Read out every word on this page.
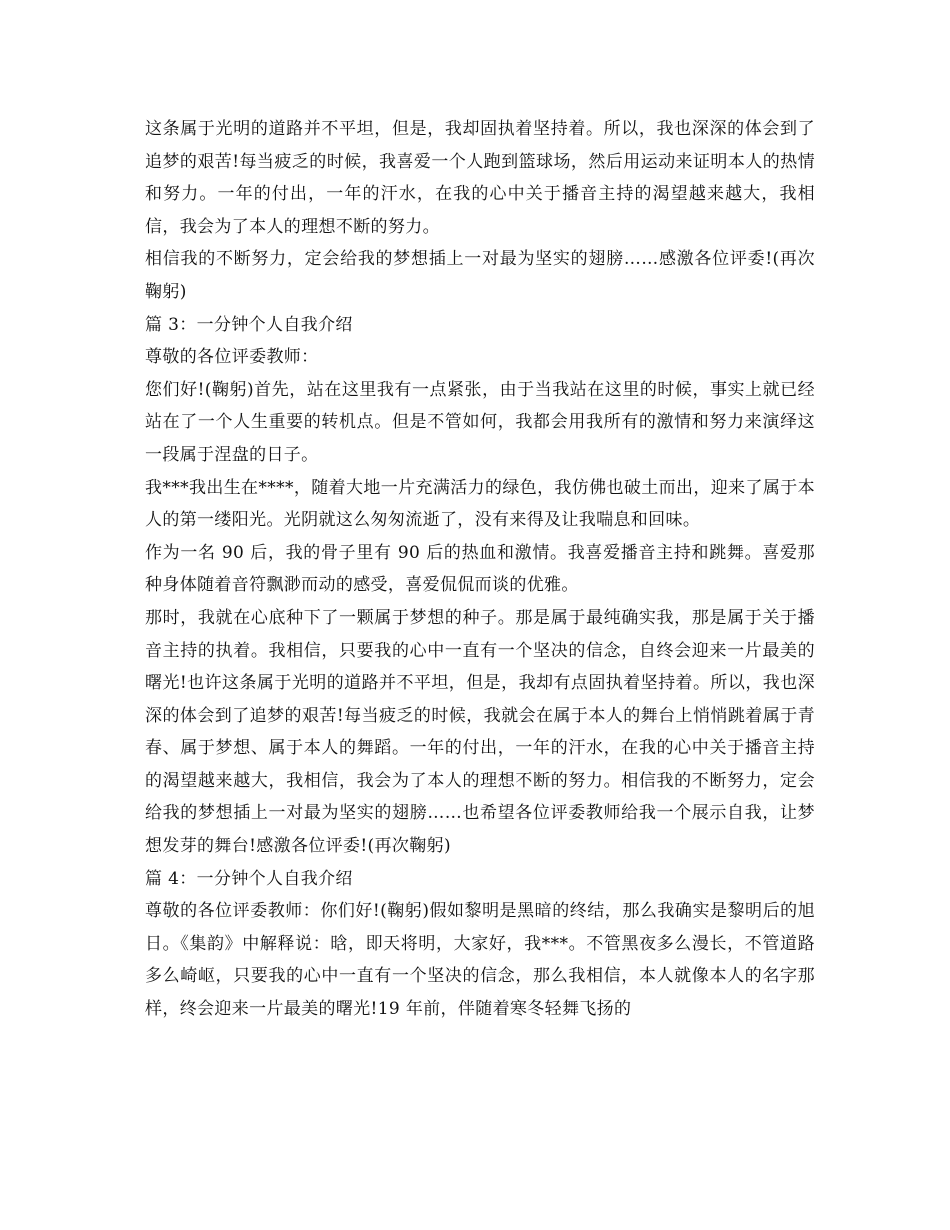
这条属于光明的道路并不平坦，但是，我却固执着坚持着。所以，我也深深的体会到了追梦的艰苦!每当疲乏的时候，我喜爱一个人跑到篮球场，然后用运动来证明本人的热情和努力。一年的付出，一年的汗水，在我的心中关于播音主持的渴望越来越大，我相信，我会为了本人的理想不断的努力。

相信我的不断努力，定会给我的梦想插上一对最为坚实的翅膀……感激各位评委!(再次鞠躬)

篇 3：一分钟个人自我介绍

尊敬的各位评委教师：

您们好!(鞠躬)首先，站在这里我有一点紧张，由于当我站在这里的时候，事实上就已经站在了一个人生重要的转机点。但是不管如何，我都会用我所有的激情和努力来演绎这一段属于涅盘的日子。

我***我出生在****，随着大地一片充满活力的绿色，我仿佛也破土而出，迎来了属于本人的第一缕阳光。光阴就这么匆匆流逝了，没有来得及让我喘息和回味。

作为一名 90 后，我的骨子里有 90 后的热血和激情。我喜爱播音主持和跳舞。喜爱那种身体随着音符飘渺而动的感受，喜爱侃侃而谈的优雅。

那时，我就在心底种下了一颗属于梦想的种子。那是属于最纯确实我，那是属于关于播音主持的执着。我相信，只要我的心中一直有一个坚决的信念，自终会迎来一片最美的曙光!也许这条属于光明的道路并不平坦，但是，我却有点固执着坚持着。所以，我也深深的体会到了追梦的艰苦!每当疲乏的时候，我就会在属于本人的舞台上悄悄跳着属于青春、属于梦想、属于本人的舞蹈。一年的付出，一年的汗水，在我的心中关于播音主持的渴望越来越大，我相信，我会为了本人的理想不断的努力。相信我的不断努力，定会给我的梦想插上一对最为坚实的翅膀……也希望各位评委教师给我一个展示自我，让梦想发芽的舞台!感激各位评委!(再次鞠躬)

篇 4：一分钟个人自我介绍

尊敬的各位评委教师：你们好!(鞠躬)假如黎明是黑暗的终结，那么我确实是黎明后的旭日。《集韵》中解释说：晗，即天将明，大家好，我***。不管黑夜多么漫长，不管道路多么崎岖，只要我的心中一直有一个坚决的信念，那么我相信，本人就像本人的名字那样，终会迎来一片最美的曙光!19 年前，伴随着寒冬轻舞飞扬的
